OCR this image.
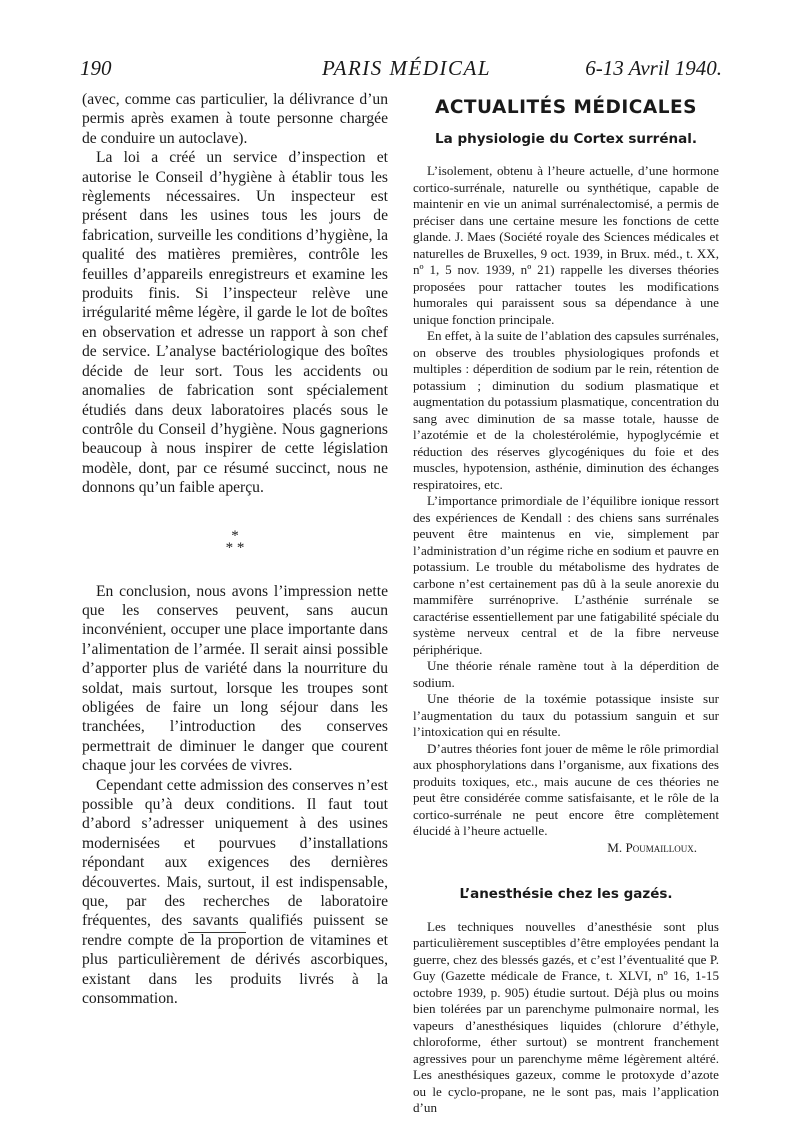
190	PARIS MÉDICAL	6-13 Avril 1940.

(avec, comme cas particulier, la délivrance d’un permis après examen à toute personne chargée de conduire un autoclave).

La loi a créé un service d’inspection et autorise le Conseil d’hygiène à établir tous les règlements nécessaires. Un inspecteur est présent dans les usines tous les jours de fabrication, surveille les conditions d’hygiène, la qualité des matières premières, contrôle les feuilles d’appareils enregistreurs et examine les produits finis. Si l’inspecteur relève une irrégularité même légère, il garde le lot de boîtes en observation et adresse un rapport à son chef de service. L’analyse bactériologique des boîtes décide de leur sort. Tous les accidents ou anomalies de fabrication sont spécialement étudiés dans deux laboratoires placés sous le contrôle du Conseil d’hygiène. Nous gagnerions beaucoup à nous inspirer de cette législation modèle, dont, par ce résumé succinct, nous ne donnons qu’un faible aperçu.

*
* *

En conclusion, nous avons l’impression nette que les conserves peuvent, sans aucun inconvénient, occuper une place importante dans l’alimentation de l’armée. Il serait ainsi possible d’apporter plus de variété dans la nourriture du soldat, mais surtout, lorsque les troupes sont obligées de faire un long séjour dans les tranchées, l’introduction des conserves permettrait de diminuer le danger que courent chaque jour les corvées de vivres.

Cependant cette admission des conserves n’est possible qu’à deux conditions. Il faut tout d’abord s’adresser uniquement à des usines modernisées et pourvues d’installations répondant aux exigences des dernières découvertes. Mais, surtout, il est indispensable, que, par des recherches de laboratoire fréquentes, des savants qualifiés puissent se rendre compte de la proportion de vitamines et plus particulièrement de dérivés ascorbiques, existant dans les produits livrés à la consommation.

ACTUALITÉS MÉDICALES
La physiologie du Cortex surrénal.

L’isolement, obtenu à l’heure actuelle, d’une hormone cortico-surrénale, naturelle ou synthétique, capable de maintenir en vie un animal surrénalectomisé, a permis de préciser dans une certaine mesure les fonctions de cette glande. J. Maes (Société royale des Sciences médicales et naturelles de Bruxelles, 9 oct. 1939, in Brux. méd., t. XX, nº 1, 5 nov. 1939, nº 21) rappelle les diverses théories proposées pour rattacher toutes les modifications humorales qui paraissent sous sa dépendance à une unique fonction principale.

En effet, à la suite de l’ablation des capsules surrénales, on observe des troubles physiologiques profonds et multiples : déperdition de sodium par le rein, rétention de potassium ; diminution du sodium plasmatique et augmentation du potassium plasmatique, concentration du sang avec diminution de sa masse totale, hausse de l’azotémie et de la cholestérolémie, hypoglycémie et réduction des réserves glycogéniques du foie et des muscles, hypotension, asthénie, diminution des échanges respiratoires, etc.

L’importance primordiale de l’équilibre ionique ressort des expériences de Kendall : des chiens sans surrénales peuvent être maintenus en vie, simplement par l’administration d’un régime riche en sodium et pauvre en potassium. Le trouble du métabolisme des hydrates de carbone n’est certainement pas dû à la seule anorexie du mammifère surrénoprive. L’asthénie surrénale se caractérise essentiellement par une fatigabilité spéciale du système nerveux central et de la fibre nerveuse périphérique.

Une théorie rénale ramène tout à la déperdition de sodium.

Une théorie de la toxémie potassique insiste sur l’augmentation du taux du potassium sanguin et sur l’intoxication qui en résulte.

D’autres théories font jouer de même le rôle primordial aux phosphorylations dans l’organisme, aux fixations des produits toxiques, etc., mais aucune de ces théories ne peut être considérée comme satisfaisante, et le rôle de la cortico-surrénale ne peut encore être complètement élucidé à l’heure actuelle.

M. Poumailloux.

L’anesthésie chez les gazés.

Les techniques nouvelles d’anesthésie sont plus particulièrement susceptibles d’être employées pendant la guerre, chez des blessés gazés, et c’est l’éventualité que P. Guy (Gazette médicale de France, t. XLVI, nº 16, 1-15 octobre 1939, p. 905) étudie surtout. Déjà plus ou moins bien tolérées par un parenchyme pulmonaire normal, les vapeurs d’anesthésiques liquides (chlorure d’éthyle, chloroforme, éther surtout) se montrent franchement agressives pour un parenchyme même légèrement altéré. Les anesthésiques gazeux, comme le protoxyde d’azote ou le cyclo-propane, ne le sont pas, mais l’application d’un
